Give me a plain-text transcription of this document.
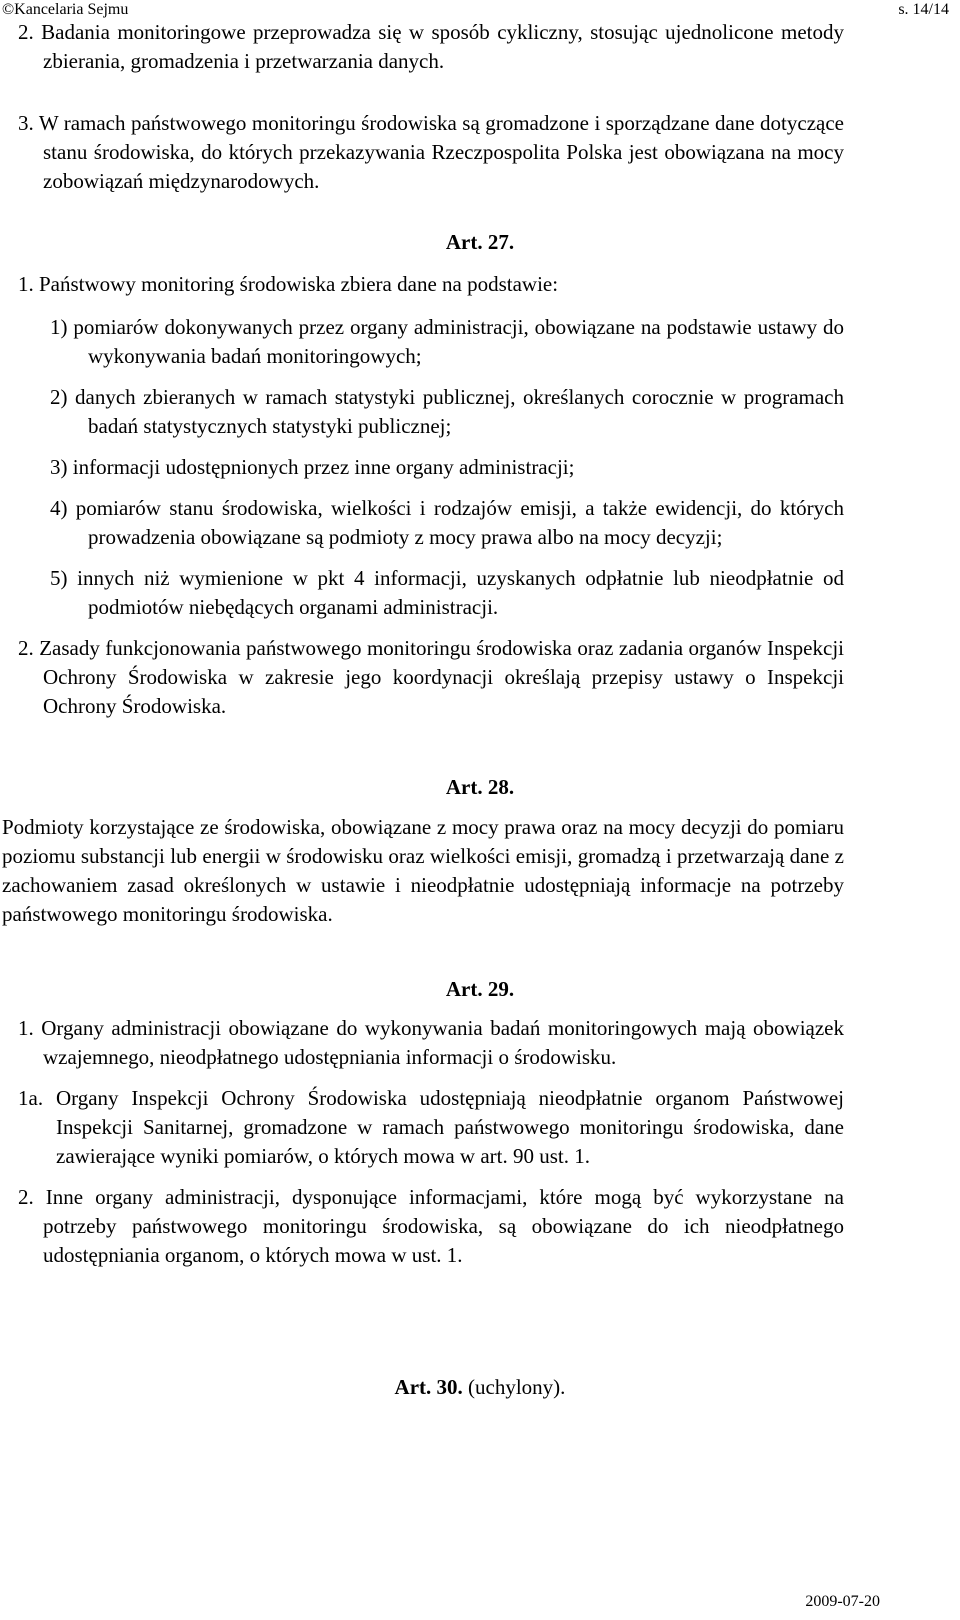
©Kancelaria Sejmu	s. 14/14

2. Badania monitoringowe przeprowadza się w sposób cykliczny, stosując ujednolicone metody zbierania, gromadzenia i przetwarzania danych.

3. W ramach państwowego monitoringu środowiska są gromadzone i sporządzane dane dotyczące stanu środowiska, do których przekazywania Rzeczpospolita Polska jest obowiązana na mocy zobowiązań międzynarodowych.

Art. 27.

1. Państwowy monitoring środowiska zbiera dane na podstawie:

1) pomiarów dokonywanych przez organy administracji, obowiązane na podstawie ustawy do wykonywania badań monitoringowych;

2) danych zbieranych w ramach statystyki publicznej, określanych corocznie w programach badań statystycznych statystyki publicznej;

3) informacji udostępnionych przez inne organy administracji;

4) pomiarów stanu środowiska, wielkości i rodzajów emisji, a także ewidencji, do których prowadzenia obowiązane są podmioty z mocy prawa albo na mocy decyzji;

5) innych niż wymienione w pkt 4 informacji, uzyskanych odpłatnie lub nieodpłatnie od podmiotów niebędących organami administracji.

2. Zasady funkcjonowania państwowego monitoringu środowiska oraz zadania organów Inspekcji Ochrony Środowiska w zakresie jego koordynacji określają przepisy ustawy o Inspekcji Ochrony Środowiska.

Art. 28.

Podmioty korzystające ze środowiska, obowiązane z mocy prawa oraz na mocy decyzji do pomiaru poziomu substancji lub energii w środowisku oraz wielkości emisji, gromadzą i przetwarzają dane z zachowaniem zasad określonych w ustawie i nieodpłatnie udostępniają informacje na potrzeby państwowego monitoringu środowiska.

Art. 29.

1. Organy administracji obowiązane do wykonywania badań monitoringowych mają obowiązek wzajemnego, nieodpłatnego udostępniania informacji o środowisku.

1a. Organy Inspekcji Ochrony Środowiska udostępniają nieodpłatnie organom Państwowej Inspekcji Sanitarnej, gromadzone w ramach państwowego monitoringu środowiska, dane zawierające wyniki pomiarów, o których mowa w art. 90 ust. 1.

2. Inne organy administracji, dysponujące informacjami, które mogą być wykorzystane na potrzeby państwowego monitoringu środowiska, są obowiązane do ich nieodpłatnego udostępniania organom, o których mowa w ust. 1.

Art. 30. (uchylony).
2009-07-20
